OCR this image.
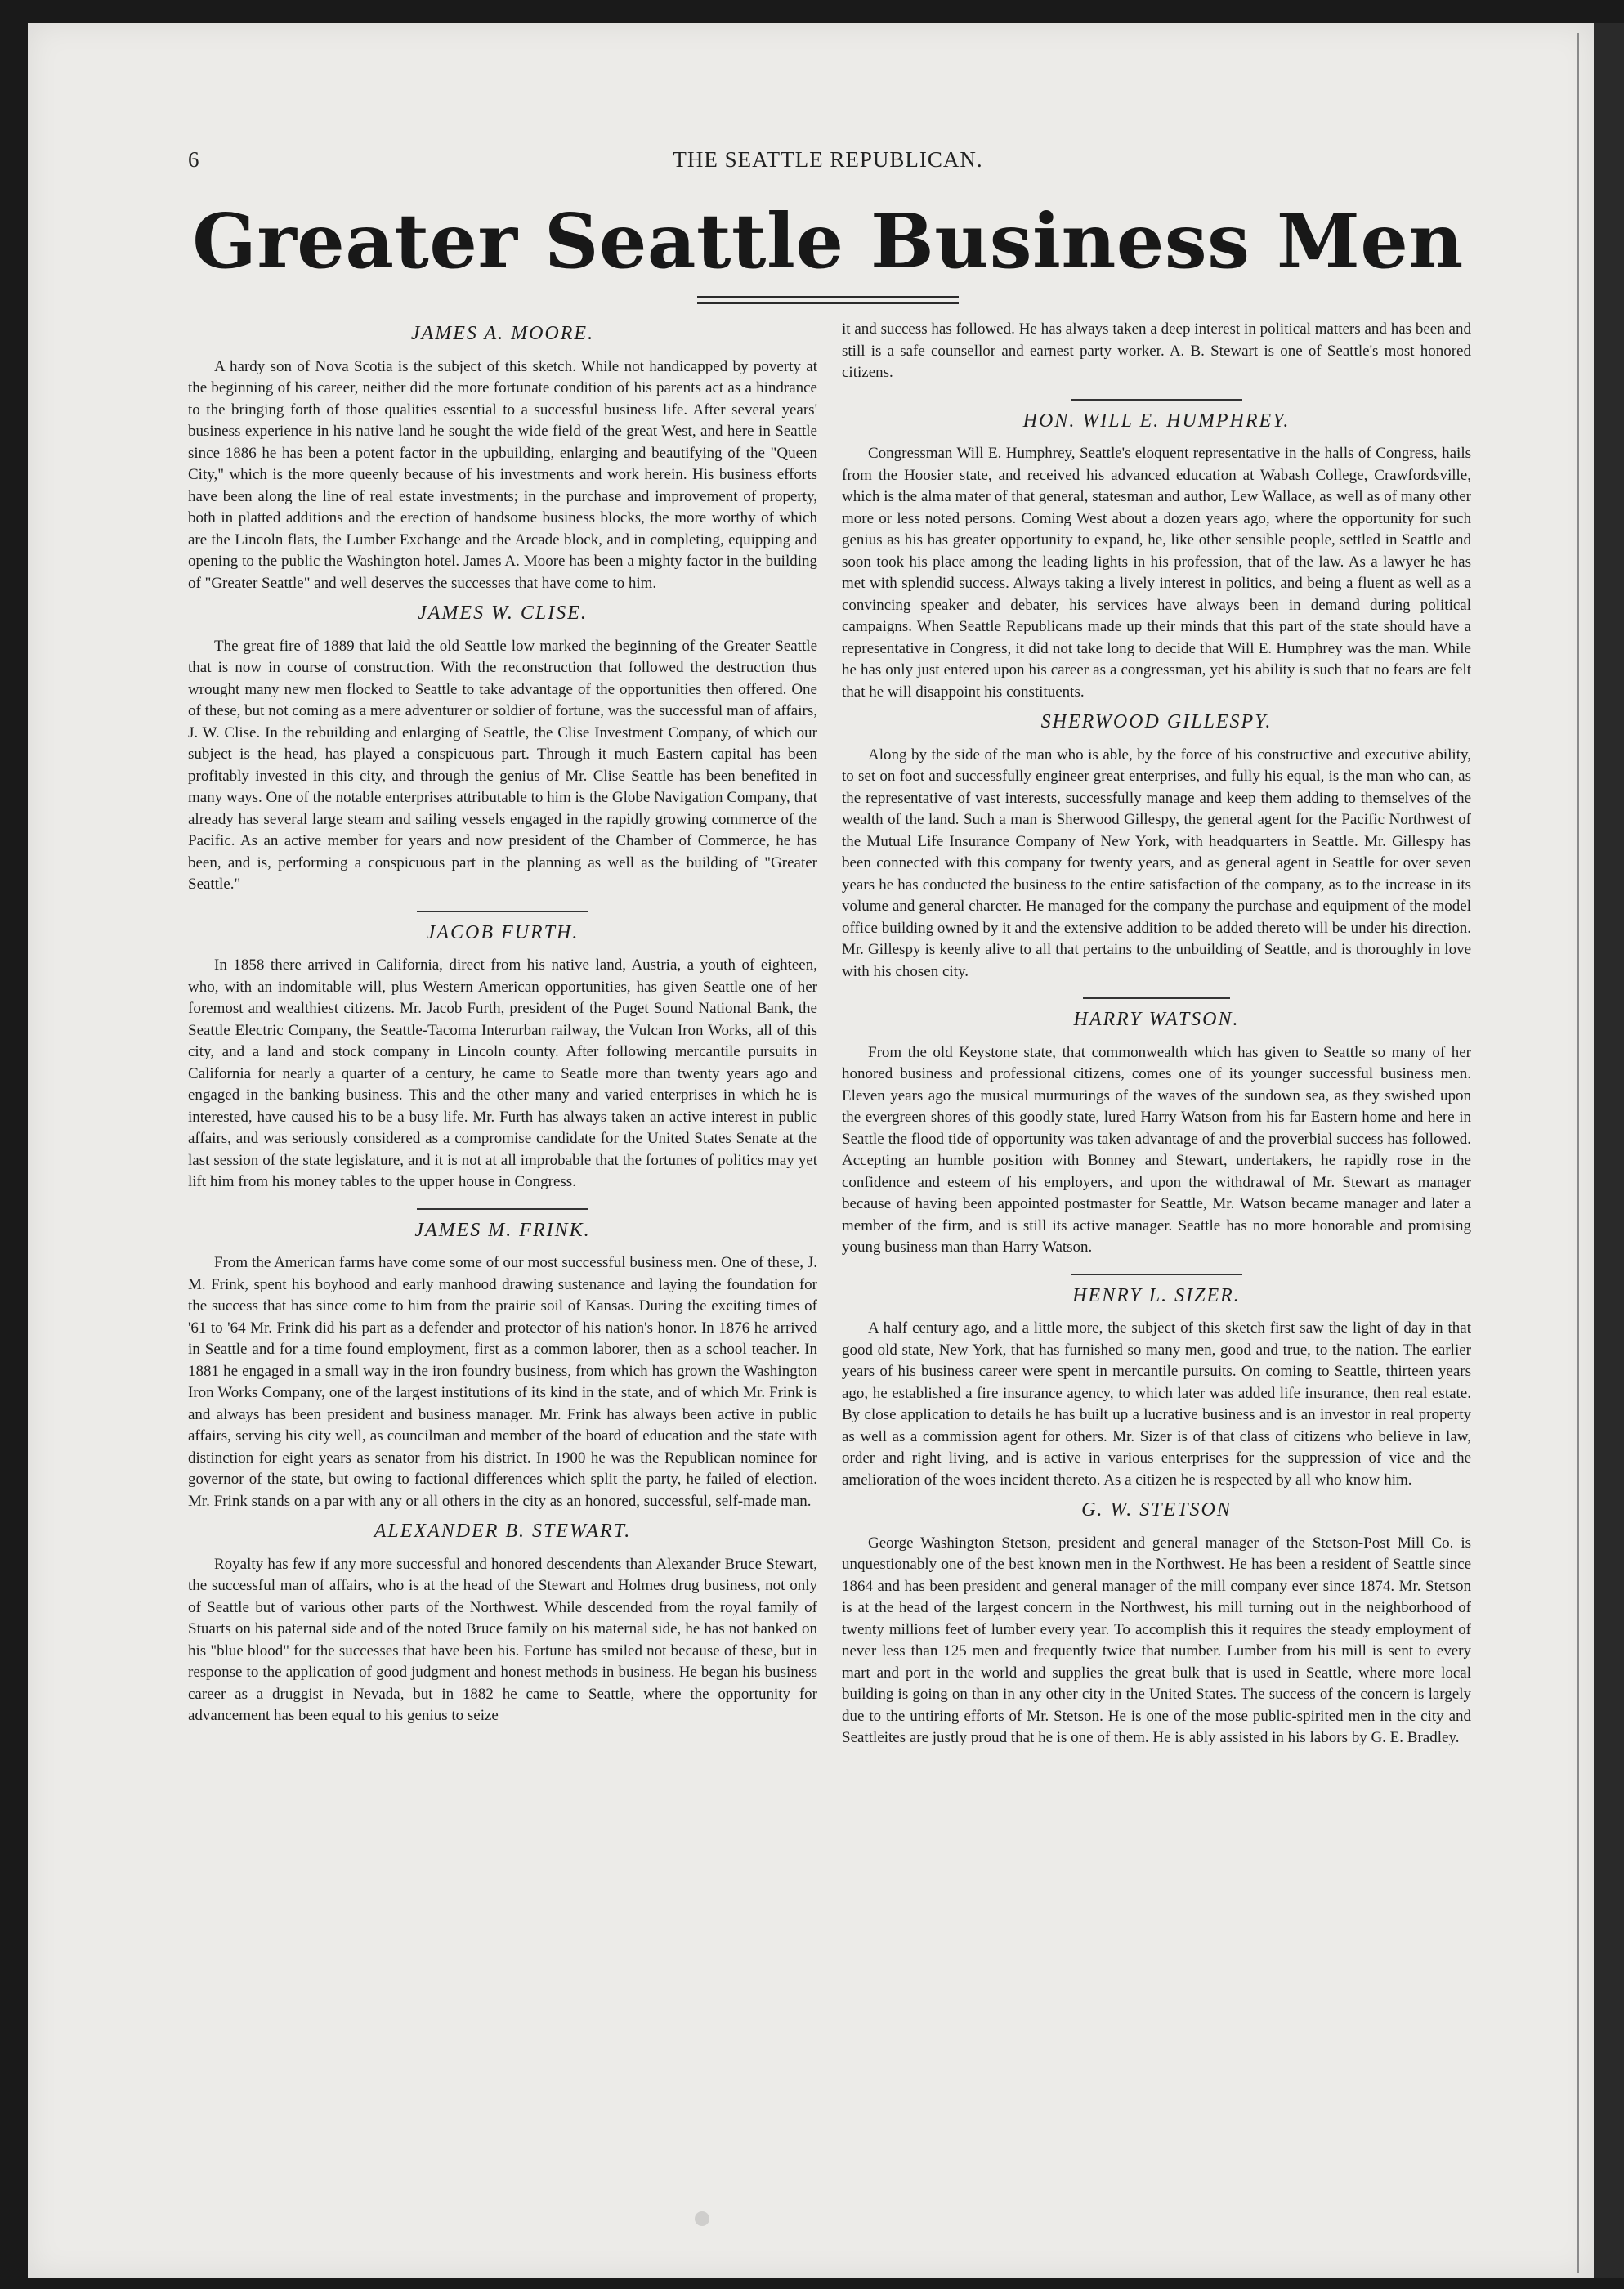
6	THE SEATTLE REPUBLICAN.
Greater Seattle Business Men
JAMES A. MOORE.

A hardy son of Nova Scotia is the subject of this sketch. While not handicapped by poverty at the beginning of his career, neither did the more fortunate condition of his parents act as a hindrance to the bringing forth of those qualities essential to a successful business life. After several years' business experience in his native land he sought the wide field of the great West, and here in Seattle since 1886 he has been a potent factor in the upbuilding, enlarging and beautifying of the "Queen City," which is the more queenly because of his investments and work herein. His business efforts have been along the line of real estate investments; in the purchase and improvement of property, both in platted additions and the erection of handsome business blocks, the more worthy of which are the Lincoln flats, the Lumber Exchange and the Arcade block, and in completing, equipping and opening to the public the Washington hotel. James A. Moore has been a mighty factor in the building of "Greater Seattle" and well deserves the successes that have come to him.

JAMES W. CLISE.

The great fire of 1889 that laid the old Seattle low marked the beginning of the Greater Seattle that is now in course of construction. With the reconstruction that followed the destruction thus wrought many new men flocked to Seattle to take advantage of the opportunities then offered. One of these, but not coming as a mere adventurer or soldier of fortune, was the successful man of affairs, J. W. Clise. In the rebuilding and enlarging of Seattle, the Clise Investment Company, of which our subject is the head, has played a conspicuous part. Through it much Eastern capital has been profitably invested in this city, and through the genius of Mr. Clise Seattle has been benefited in many ways. One of the notable enterprises attributable to him is the Globe Navigation Company, that already has several large steam and sailing vessels engaged in the rapidly growing commerce of the Pacific. As an active member for years and now president of the Chamber of Commerce, he has been, and is, performing a conspicuous part in the planning as well as the building of "Greater Seattle."

JACOB FURTH.

In 1858 there arrived in California, direct from his native land, Austria, a youth of eighteen, who, with an indomitable will, plus Western American opportunities, has given Seattle one of her foremost and wealthiest citizens. Mr. Jacob Furth, president of the Puget Sound National Bank, the Seattle Electric Company, the Seattle-Tacoma Interurban railway, the Vulcan Iron Works, all of this city, and a land and stock company in Lincoln county. After following mercantile pursuits in California for nearly a quarter of a century, he came to Seatle more than twenty years ago and engaged in the banking business. This and the other many and varied enterprises in which he is interested, have caused his to be a busy life. Mr. Furth has always taken an active interest in public affairs, and was seriously considered as a compromise candidate for the United States Senate at the last session of the state legislature, and it is not at all improbable that the fortunes of politics may yet lift him from his money tables to the upper house in Congress.

JAMES M. FRINK.

From the American farms have come some of our most successful business men. One of these, J. M. Frink, spent his boyhood and early manhood drawing sustenance and laying the foundation for the success that has since come to him from the prairie soil of Kansas. During the exciting times of '61 to '64 Mr. Frink did his part as a defender and protector of his nation's honor. In 1876 he arrived in Seattle and for a time found employment, first as a common laborer, then as a school teacher. In 1881 he engaged in a small way in the iron foundry business, from which has grown the Washington Iron Works Company, one of the largest institutions of its kind in the state, and of which Mr. Frink is and always has been president and business manager. Mr. Frink has always been active in public affairs, serving his city well, as councilman and member of the board of education and the state with distinction for eight years as senator from his district. In 1900 he was the Republican nominee for governor of the state, but owing to factional differences which split the party, he failed of election. Mr. Frink stands on a par with any or all others in the city as an honored, successful, self-made man.

ALEXANDER B. STEWART.

Royalty has few if any more successful and honored descendents than Alexander Bruce Stewart, the successful man of affairs, who is at the head of the Stewart and Holmes drug business, not only of Seattle but of various other parts of the Northwest. While descended from the royal family of Stuarts on his paternal side and of the noted Bruce family on his maternal side, he has not banked on his "blue blood" for the successes that have been his. Fortune has smiled not because of these, but in response to the application of good judgment and honest methods in business. He began his business career as a druggist in Nevada, but in 1882 he came to Seattle, where the opportunity for advancement has been equal to his genius to seize

it and success has followed. He has always taken a deep interest in political matters and has been and still is a safe counsellor and earnest party worker. A. B. Stewart is one of Seattle's most honored citizens.

HON. WILL E. HUMPHREY.

Congressman Will E. Humphrey, Seattle's eloquent representative in the halls of Congress, hails from the Hoosier state, and received his advanced education at Wabash College, Crawfordsville, which is the alma mater of that general, statesman and author, Lew Wallace, as well as of many other more or less noted persons. Coming West about a dozen years ago, where the opportunity for such genius as his has greater opportunity to expand, he, like other sensible people, settled in Seattle and soon took his place among the leading lights in his profession, that of the law. As a lawyer he has met with splendid success. Always taking a lively interest in politics, and being a fluent as well as a convincing speaker and debater, his services have always been in demand during political campaigns. When Seattle Republicans made up their minds that this part of the state should have a representative in Congress, it did not take long to decide that Will E. Humphrey was the man. While he has only just entered upon his career as a congressman, yet his ability is such that no fears are felt that he will disappoint his constituents.

SHERWOOD GILLESPY.

Along by the side of the man who is able, by the force of his constructive and executive ability, to set on foot and successfully engineer great enterprises, and fully his equal, is the man who can, as the representative of vast interests, successfully manage and keep them adding to themselves of the wealth of the land. Such a man is Sherwood Gillespy, the general agent for the Pacific Northwest of the Mutual Life Insurance Company of New York, with headquarters in Seattle. Mr. Gillespy has been connected with this company for twenty years, and as general agent in Seattle for over seven years he has conducted the business to the entire satisfaction of the company, as to the increase in its volume and general charcter. He managed for the company the purchase and equipment of the model office building owned by it and the extensive addition to be added thereto will be under his direction. Mr. Gillespy is keenly alive to all that pertains to the unbuilding of Seattle, and is thoroughly in love with his chosen city.

HARRY WATSON.

From the old Keystone state, that commonwealth which has given to Seattle so many of her honored business and professional citizens, comes one of its younger successful business men. Eleven years ago the musical murmurings of the waves of the sundown sea, as they swished upon the evergreen shores of this goodly state, lured Harry Watson from his far Eastern home and here in Seattle the flood tide of opportunity was taken advantage of and the proverbial success has followed. Accepting an humble position with Bonney and Stewart, undertakers, he rapidly rose in the confidence and esteem of his employers, and upon the withdrawal of Mr. Stewart as manager because of having been appointed postmaster for Seattle, Mr. Watson became manager and later a member of the firm, and is still its active manager. Seattle has no more honorable and promising young business man than Harry Watson.

HENRY L. SIZER.

A half century ago, and a little more, the subject of this sketch first saw the light of day in that good old state, New York, that has furnished so many men, good and true, to the nation. The earlier years of his business career were spent in mercantile pursuits. On coming to Seattle, thirteen years ago, he established a fire insurance agency, to which later was added life insurance, then real estate. By close application to details he has built up a lucrative business and is an investor in real property as well as a commission agent for others. Mr. Sizer is of that class of citizens who believe in law, order and right living, and is active in various enterprises for the suppression of vice and the amelioration of the woes incident thereto. As a citizen he is respected by all who know him.

G. W. STETSON

George Washington Stetson, president and general manager of the Stetson-Post Mill Co. is unquestionably one of the best known men in the Northwest. He has been a resident of Seattle since 1864 and has been president and general manager of the mill company ever since 1874. Mr. Stetson is at the head of the largest concern in the Northwest, his mill turning out in the neighborhood of twenty millions feet of lumber every year. To accomplish this it requires the steady employment of never less than 125 men and frequently twice that number. Lumber from his mill is sent to every mart and port in the world and supplies the great bulk that is used in Seattle, where more local building is going on than in any other city in the United States. The success of the concern is largely due to the untiring efforts of Mr. Stetson. He is one of the mose public-spirited men in the city and Seattleites are justly proud that he is one of them. He is ably assisted in his labors by G. E. Bradley.
